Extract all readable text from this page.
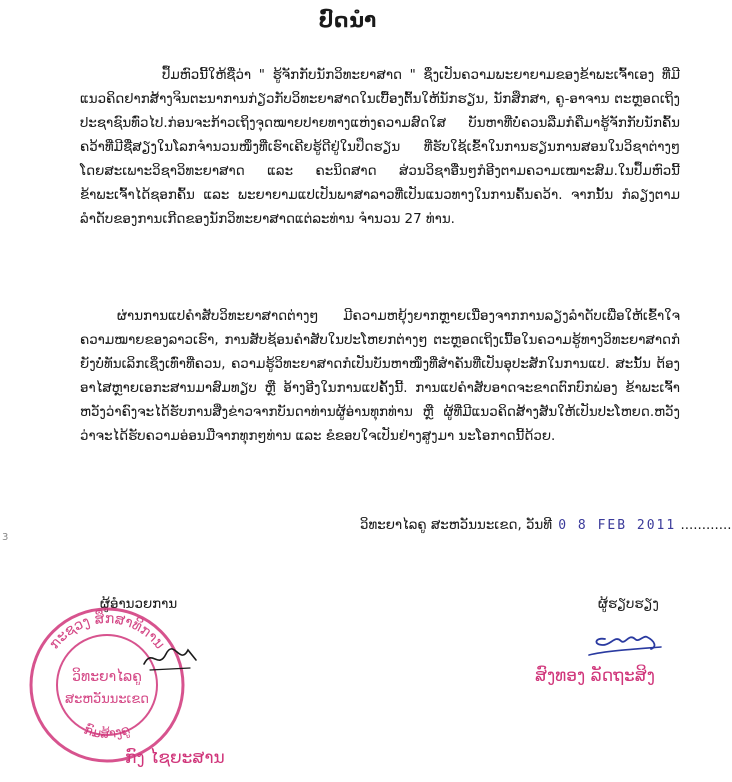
ປົດນຳ

ປຶ້ມຫົວນີ້ໃຫ້ຊື່ວ່າ " ຮູ້ຈັກກັບນັກວິທະຍາສາດ " ຊຶ່ງເປັນຄວາມພະຍາຍາມຂອງຂ້າພະເຈົ້າເອງ ທີ່ມີແນວຄິດຢາກສ້າງຈິນຕະນາການກ່ຽວກັບວິທະຍາສາດໃນເບື້ອງຕົ້ນໃຫ້ນັກຮຽນ, ນັກສຶກສາ, ຄູ-ອາຈານ ຕະຫຼອດເຖິງປະຊາຊົນທົ່ວໄປ.ກ່ອນຈະກ້າວເຖິງຈຸດໝາຍປາຍທາງແຫ່ງຄວາມສົດໃສ ບັນຫາທີ່ບໍ່ຄວນລືມກໍຄືມາຮູ້ຈັກກັບນັກຄົ້ນຄວ້າທີ່ມີຊື່ສຽງໃນໂລກຈຳນວນໜຶ່ງທີ່ເຮົາເຄີຍຮູ້ດີຢູ່ໃນປຶດຮຽນ ທີ່ຮັບໃຊ້ເຂົ້າໃນການຮຽນການສອນໃນວິຊາຕ່າງໆ ໂດຍສະເພາະວິຊາວິທະຍາສາດ ແລະ ຄະນິດສາດ ສ່ວນວິຊາອື່ນໆກໍອີງຕາມຄວາມເໝາະສົມ.ໃນປຶ້ມຫົວນີ້ຂ້າພະເຈົ້າໄດ້ຊອກຄົ້ນ ແລະ ພະຍາຍາມແປເປັນພາສາລາວທີ່ເປັນແນວທາງໃນການຄົ້ນຄວ້າ. ຈາກນັ້ນ ກໍລຽງຕາມລຳດັບຂອງການເກີດຂອງນັກວິທະຍາສາດແຕ່ລະທ່ານ ຈຳນວນ 27 ທ່ານ.

ຜ່ານການແປຄຳສັບວິທະຍາສາດຕ່າງໆ ມີຄວາມຫຍຸ້ງຍາກຫຼາຍເນື່ອງຈາກການລຽງລຳດັບເພື່ອໃຫ້ເຂົ້າໃຈຄວາມໝາຍຂອງລາວເຮົາ, ການສັບຊ້ອນຄຳສັບໃນປະໂຫຍກຕ່າງໆ ຕະຫຼອດເຖິງເນື້ອໃນຄວາມຮູ້ທາງວິທະຍາສາດກໍຍັງບໍ່ທັນເລິກເຊິ່ງເທົ່າທີ່ຄວນ, ຄວາມຮູ້ວິທະຍາສາດກໍເປັນບັນຫາໜຶ່ງທີ່ສຳຄັນທີ່ເປັນອຸປະສັກໃນການແປ. ສະນັ້ນ ຕ້ອງອາໄສຫຼາຍເອກະສານມາສົມທຽບ ຫຼື ອ້າງອີງໃນການແປຄັ້ງນີ້. ການແປຄຳສັບອາດຈະຂາດຕົກບົກພ່ອງ ຂ້າພະເຈົ້າຫວັງວ່າຄົງຈະໄດ້ຮັບການສີ່ງຂ່າວຈາກບັນດາທ່ານຜູ້ອ່ານທຸກທ່ານ ຫຼື ຜູ້ທີ່ມີແນວຄິດສ້າງສັນໃຫ້ເປັນປະໂຫຍດ.ຫວັງວ່າຈະໄດ້ຮັບຄວາມອ່ອນມືຈາກທຸກໆທ່ານ ແລະ ຂໍຂອບໃຈເປັນຢ່າງສູງມາ ນະໂອກາດນີ້ດ້ວຍ.

ວິທະຍາໄລຄູ ສະຫວັນນະເຂດ, ວັນທີ 0 8 FEB 2011 ............
ຜູ້ອຳນວຍການ	ຜູ້ຮຽບຮຽງ
ກະຊວງ ສຶກສາທິການ
ກົມສ້າງຄູ
ວິທະຍາໄລຄູ
ສະຫວັນນະເຂດ
ກົງ ໄຊຍະສານ
ສົງທອງ ລັດຖະສິງ
3
